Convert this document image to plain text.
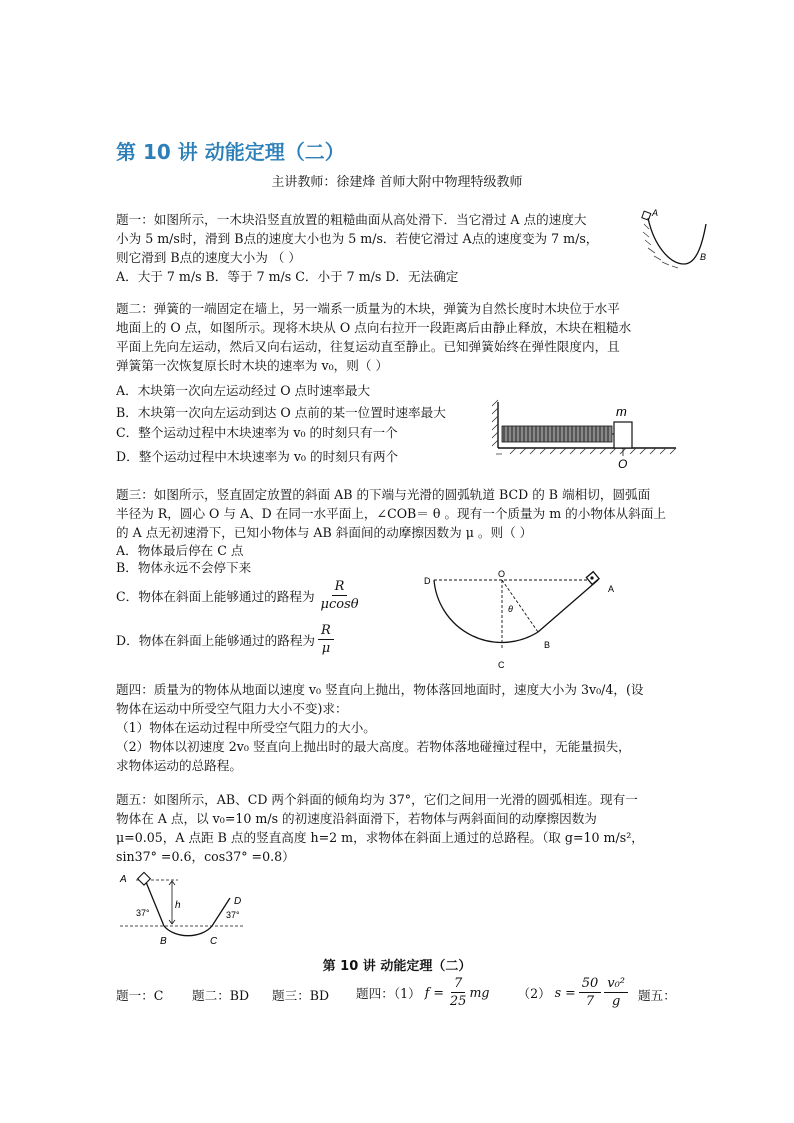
第 10 讲 动能定理（二）
主讲教师：徐建烽 首师大附中物理特级教师
题一：如图所示，一木块沿竖直放置的粗糙曲面从高处滑下．当它滑过 A 点的速度大
小为 5 m/s时，滑到 B点的速度大小也为 5 m/s．若使它滑过 A点的速度变为 7 m/s，
则它滑到 B点的速度大小为 （ ）
A．大于 7 m/s B．等于 7 m/s C．小于 7 m/s D．无法确定
A
B
题二：弹簧的一端固定在墙上，另一端系一质量为的木块，弹簧为自然长度时木块位于水平
地面上的 O 点，如图所示。现将木块从 O 点向右拉开一段距离后由静止释放，木块在粗糙水
平面上先向左运动，然后又向右运动，往复运动直至静止。已知弹簧始终在弹性限度内，且
弹簧第一次恢复原长时木块的速率为 v₀，则（ ）
A．木块第一次向左运动经过 O 点时速率最大
B．木块第一次向左运动到达 O 点前的某一位置时速率最大
C．整个运动过程中木块速率为 v₀ 的时刻只有一个
D．整个运动过程中木块速率为 v₀ 的时刻只有两个
m
O
题三：如图所示，竖直固定放置的斜面 AB 的下端与光滑的圆弧轨道 BCD 的 B 端相切，圆弧面
半径为 R，圆心 O 与 A、D 在同一水平面上，∠COB＝ θ 。现有一个质量为 m 的小物体从斜面上
的 A 点无初速滑下，已知小物体与 AB 斜面间的动摩擦因数为 μ 。则（ ）
A．物体最后停在 C 点
B．物体永远不会停下来
C．物体在斜面上能够通过的路程为 $\frac{R}{\mu\cos\theta}$
D．物体在斜面上能够通过的路程为 $\frac{R}{\mu}$
D
O
A
B
C
θ
题四：质量为的物体从地面以速度 v₀ 竖直向上抛出，物体落回地面时，速度大小为 3v₀/4，(设
物体在运动中所受空气阻力大小不变)求：
（1）物体在运动过程中所受空气阻力的大小。
（2）物体以初速度 2v₀ 竖直向上抛出时的最大高度。若物体落地碰撞过程中，无能量损失，
求物体运动的总路程。
题五：如图所示，AB、CD 两个斜面的倾角均为 37°，它们之间用一光滑的圆弧相连。现有一
物体在 A 点，以 v₀=10 m/s 的初速度沿斜面滑下，若物体与两斜面间的动摩擦因数为
μ=0.05，A 点距 B 点的竖直高度 h=2 m，求物体在斜面上通过的总路程。（取 g=10 m/s²，
sin37° =0.6，cos37° =0.8）
A
h	D
37°	37°
B	C
第 10 讲 动能定理（二）
题一：C 题二：BD 题三：BD 题四：（1） $f = \frac{7}{25}$ mg （2） $s = \frac{50}{7} \frac{\text{v₀²}}{g}$ 题五：
